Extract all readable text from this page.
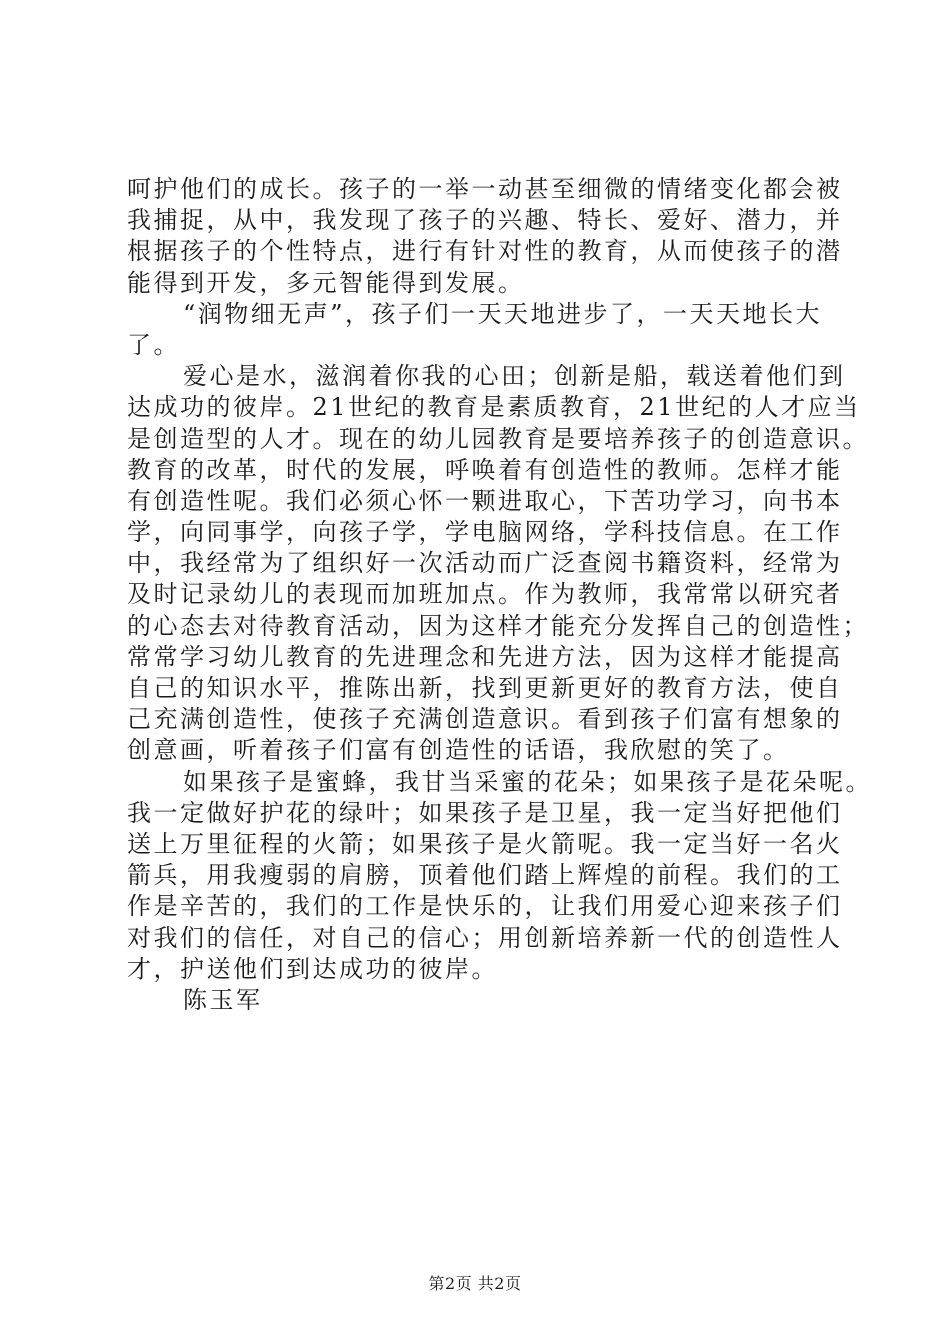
呵护他们的成长。孩子的一举一动甚至细微的情绪变化都会被
我捕捉，从中，我发现了孩子的兴趣、特长、爱好、潜力，并
根据孩子的个性特点，进行有针对性的教育，从而使孩子的潜
能得到开发，多元智能得到发展。
“润物细无声”，孩子们一天天地进步了，一天天地长大
了。
爱心是水，滋润着你我的心田；创新是船，载送着他们到
达成功的彼岸。21世纪的教育是素质教育，21世纪的人才应当
是创造型的人才。现在的幼儿园教育是要培养孩子的创造意识。
教育的改革，时代的发展，呼唤着有创造性的教师。怎样才能
有创造性呢。我们必须心怀一颗进取心，下苦功学习，向书本
学，向同事学，向孩子学，学电脑网络，学科技信息。在工作
中，我经常为了组织好一次活动而广泛查阅书籍资料，经常为
及时记录幼儿的表现而加班加点。作为教师，我常常以研究者
的心态去对待教育活动，因为这样才能充分发挥自己的创造性；
常常学习幼儿教育的先进理念和先进方法，因为这样才能提高
自己的知识水平，推陈出新，找到更新更好的教育方法，使自
己充满创造性，使孩子充满创造意识。看到孩子们富有想象的
创意画，听着孩子们富有创造性的话语，我欣慰的笑了。
如果孩子是蜜蜂，我甘当采蜜的花朵；如果孩子是花朵呢。
我一定做好护花的绿叶；如果孩子是卫星，我一定当好把他们
送上万里征程的火箭；如果孩子是火箭呢。我一定当好一名火
箭兵，用我瘦弱的肩膀，顶着他们踏上辉煌的前程。我们的工
作是辛苦的，我们的工作是快乐的，让我们用爱心迎来孩子们
对我们的信任，对自己的信心；用创新培养新一代的创造性人
才，护送他们到达成功的彼岸。
陈玉军
第2页 共2页
